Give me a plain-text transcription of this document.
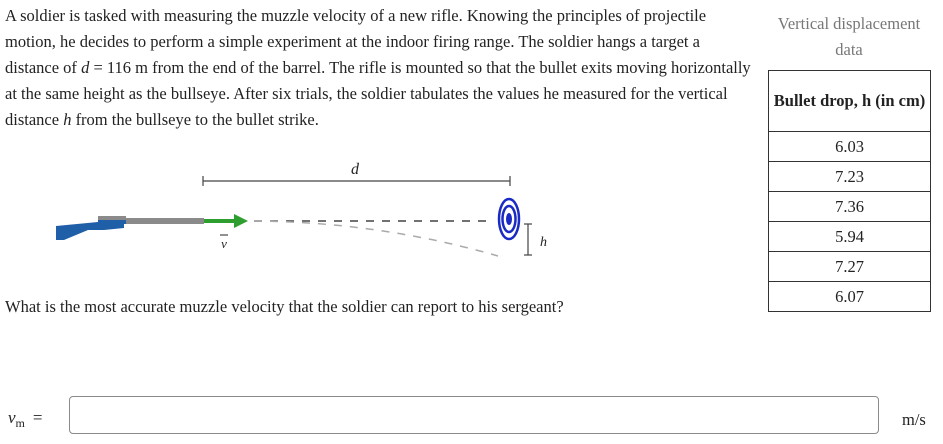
A soldier is tasked with measuring the muzzle velocity of a new rifle. Knowing the principles of projectile motion, he decides to perform a simple experiment at the indoor firing range. The soldier hangs a target a distance of d = 116 m from the end of the barrel. The rifle is mounted so that the bullet exits moving horizontally at the same height as the bullseye. After six trials, the soldier tabulates the values he measured for the vertical distance h from the bullseye to the bullet strike.

Vertical displacement data
Bullet drop, h (in cm)
6.03
7.23
7.36
5.94
7.27
6.07
d
v	h

What is the most accurate muzzle velocity that the soldier can report to his sergeant?

$v_m$ =	m/s
